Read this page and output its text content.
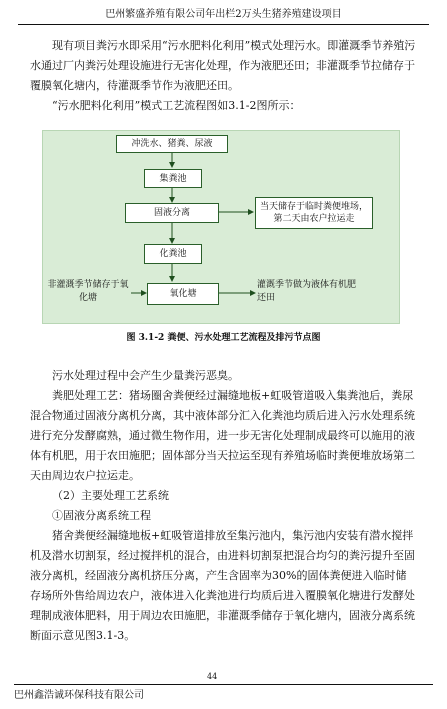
巴州繁盛养殖有限公司年出栏2万头生猪养殖建设项目

现有项目粪污水即采用“污水肥料化利用”模式处理污水。即灌溉季节养殖污水通过厂内粪污处理设施进行无害化处理，作为液肥还田；非灌溉季节拉储存于覆膜氧化塘内，待灌溉季节作为液肥还田。

“污水肥料化利用”模式工艺流程图如3.1-2图所示：

冲洗水、猪粪、尿液
集粪池
固液分离
当天储存于临时粪便堆场，第二天由农户拉运走
化粪池
氧化塘
非灌溉季节储存于氧化塘
灌溉季节做为液体有机肥还田
图 3.1-2 粪便、污水处理工艺流程及排污节点图

污水处理过程中会产生少量粪污恶臭。

粪肥处理工艺：猪场圈舍粪便经过漏缝地板+虹吸管道吸入集粪池后，粪尿混合物通过固液分离机分离，其中液体部分汇入化粪池均质后进入污水处理系统进行充分发酵腐熟，通过微生物作用，进一步无害化处理制成最终可以施用的液体有机肥，用于农田施肥；固体部分当天拉运至现有养殖场临时粪便堆放场第二天由周边农户拉运走。

（2）主要处理工艺系统

①固液分离系统工程

猪舍粪便经漏缝地板+虹吸管道排放至集污池内，集污池内安装有潜水搅拌机及潜水切割泵，经过搅拌机的混合，由进料切割泵把混合均匀的粪污提升至固液分离机，经固液分离机挤压分离，产生含固率为30%的固体粪便进入临时储存场所外售给周边农户，液体进入化粪池进行均质后进入覆膜氧化塘进行发酵处理制成液体肥料，用于周边农田施肥，非灌溉季储存于氧化塘内，固液分离系统断面示意见图3.1-3。

44
巴州鑫浩诚环保科技有限公司
